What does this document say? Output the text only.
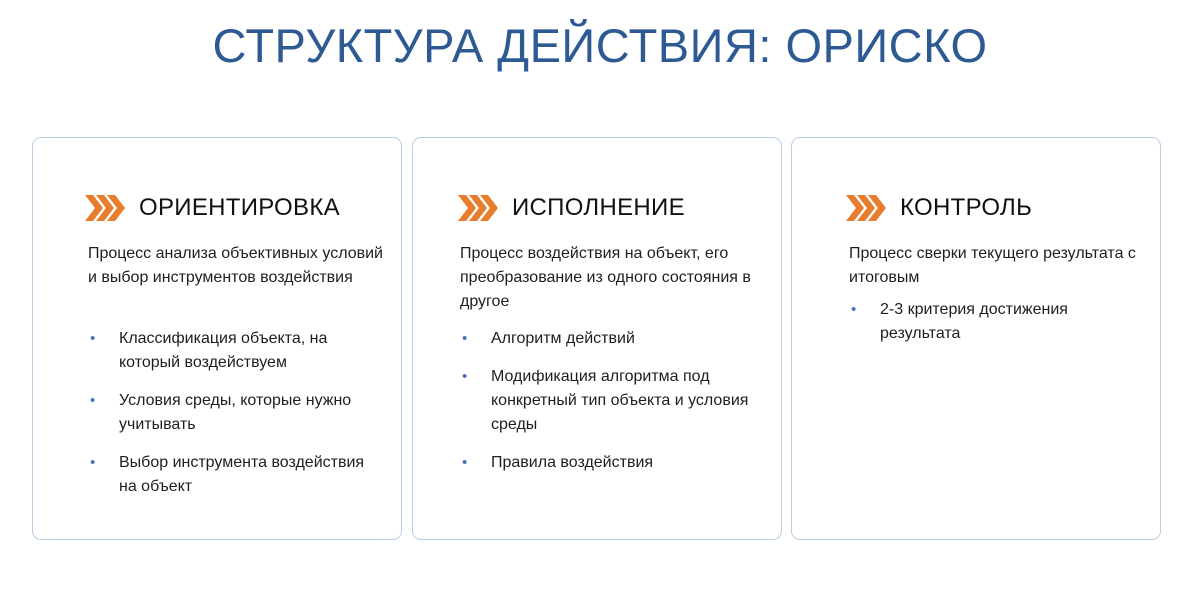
СТРУКТУРА ДЕЙСТВИЯ: ОРИСКО
ОРИЕНТИРОВКА
Процесс анализа объективных условий и выбор инструментов воздействия
• Классификация объекта, на который воздействуем
• Условия среды, которые нужно учитывать
• Выбор инструмента воздействия на объект
ИСПОЛНЕНИЕ
Процесс воздействия на объект, его преобразование из одного состояния в другое
• Алгоритм действий
• Модификация алгоритма под конкретный тип объекта и условия среды
• Правила воздействия
КОНТРОЛЬ
Процесс сверки текущего результата с итоговым
• 2-3 критерия достижения результата
